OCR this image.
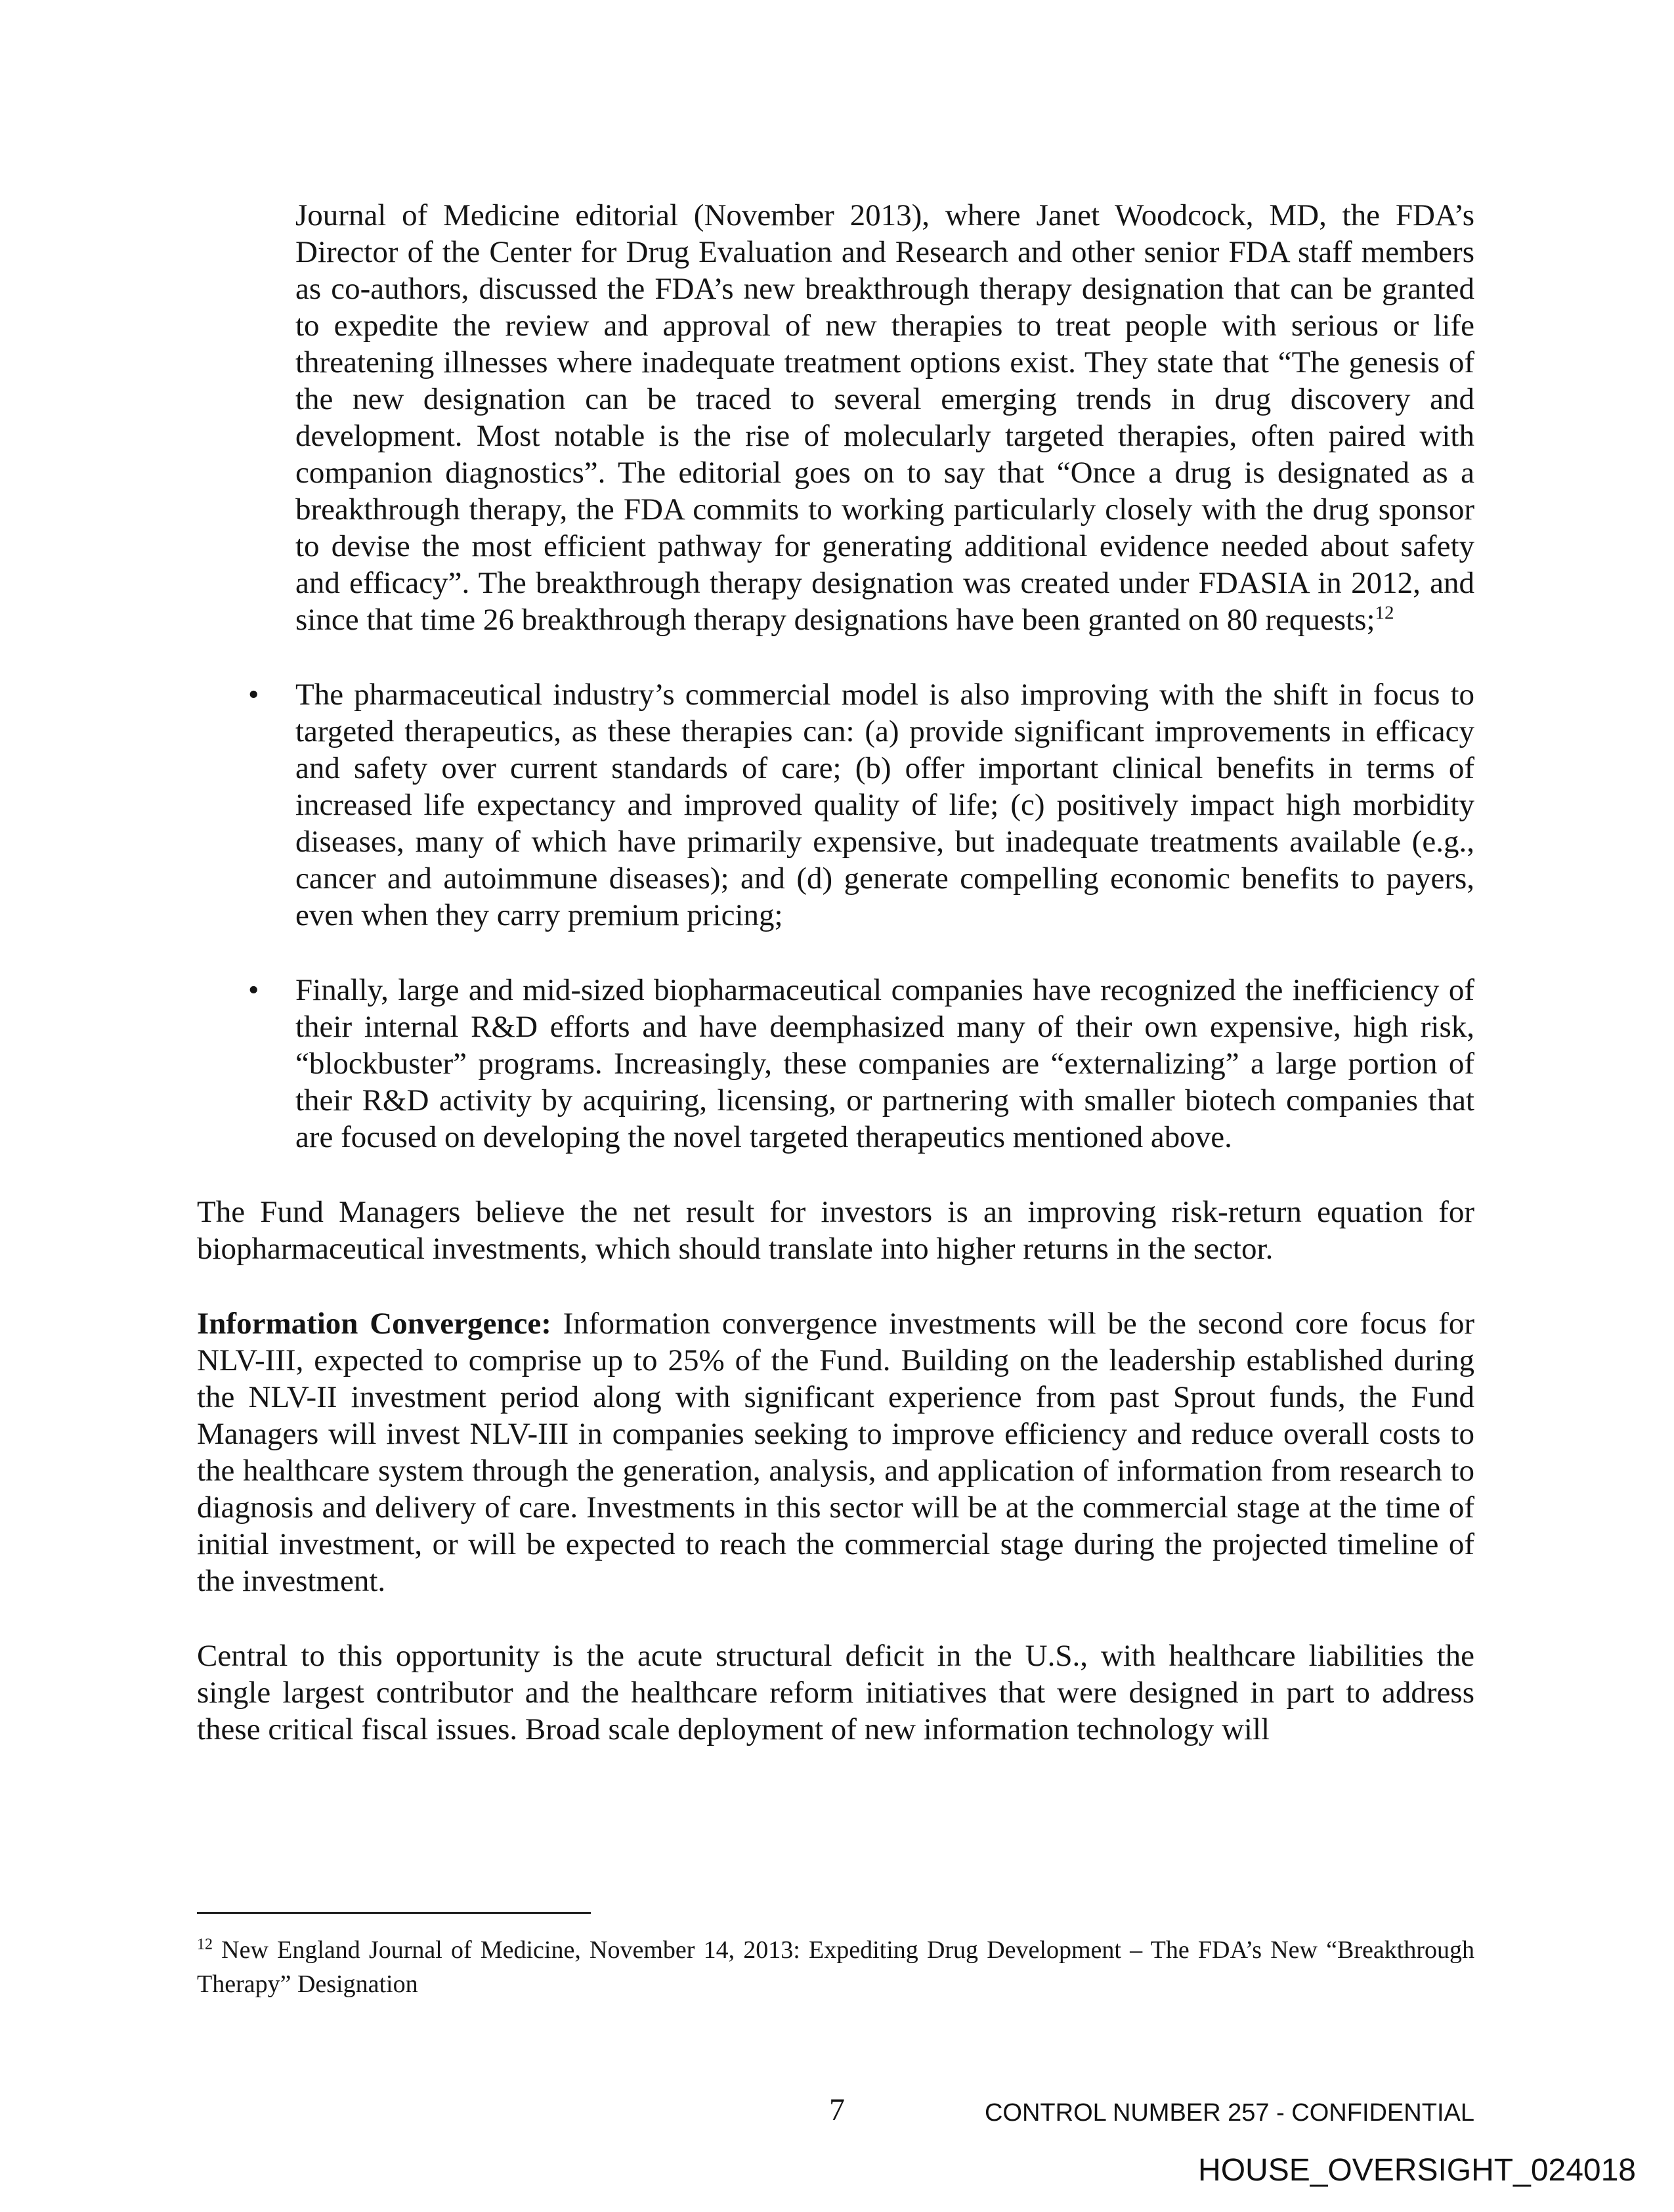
Journal of Medicine editorial (November 2013), where Janet Woodcock, MD, the FDA’s Director of the Center for Drug Evaluation and Research and other senior FDA staff members as co-authors, discussed the FDA’s new breakthrough therapy designation that can be granted to expedite the review and approval of new therapies to treat people with serious or life threatening illnesses where inadequate treatment options exist. They state that “The genesis of the new designation can be traced to several emerging trends in drug discovery and development. Most notable is the rise of molecularly targeted therapies, often paired with companion diagnostics”. The editorial goes on to say that “Once a drug is designated as a breakthrough therapy, the FDA commits to working particularly closely with the drug sponsor to devise the most efficient pathway for generating additional evidence needed about safety and efficacy”. The breakthrough therapy designation was created under FDASIA in 2012, and since that time 26 breakthrough therapy designations have been granted on 80 requests;$^{12}$

• The pharmaceutical industry’s commercial model is also improving with the shift in focus to targeted therapeutics, as these therapies can: (a) provide significant improvements in efficacy and safety over current standards of care; (b) offer important clinical benefits in terms of increased life expectancy and improved quality of life; (c) positively impact high morbidity diseases, many of which have primarily expensive, but inadequate treatments available (e.g., cancer and autoimmune diseases); and (d) generate compelling economic benefits to payers, even when they carry premium pricing;

• Finally, large and mid-sized biopharmaceutical companies have recognized the inefficiency of their internal R&D efforts and have deemphasized many of their own expensive, high risk, “blockbuster” programs. Increasingly, these companies are “externalizing” a large portion of their R&D activity by acquiring, licensing, or partnering with smaller biotech companies that are focused on developing the novel targeted therapeutics mentioned above.

The Fund Managers believe the net result for investors is an improving risk-return equation for biopharmaceutical investments, which should translate into higher returns in the sector.

Information Convergence: Information convergence investments will be the second core focus for NLV-III, expected to comprise up to 25% of the Fund. Building on the leadership established during the NLV-II investment period along with significant experience from past Sprout funds, the Fund Managers will invest NLV-III in companies seeking to improve efficiency and reduce overall costs to the healthcare system through the generation, analysis, and application of information from research to diagnosis and delivery of care. Investments in this sector will be at the commercial stage at the time of initial investment, or will be expected to reach the commercial stage during the projected timeline of the investment.

Central to this opportunity is the acute structural deficit in the U.S., with healthcare liabilities the single largest contributor and the healthcare reform initiatives that were designed in part to address these critical fiscal issues. Broad scale deployment of new information technology will

$^{12}$ New England Journal of Medicine, November 14, 2013: Expediting Drug Development – The FDA’s New “Breakthrough Therapy” Designation

7	CONTROL NUMBER 257 - CONFIDENTIAL
HOUSE_OVERSIGHT_024018
